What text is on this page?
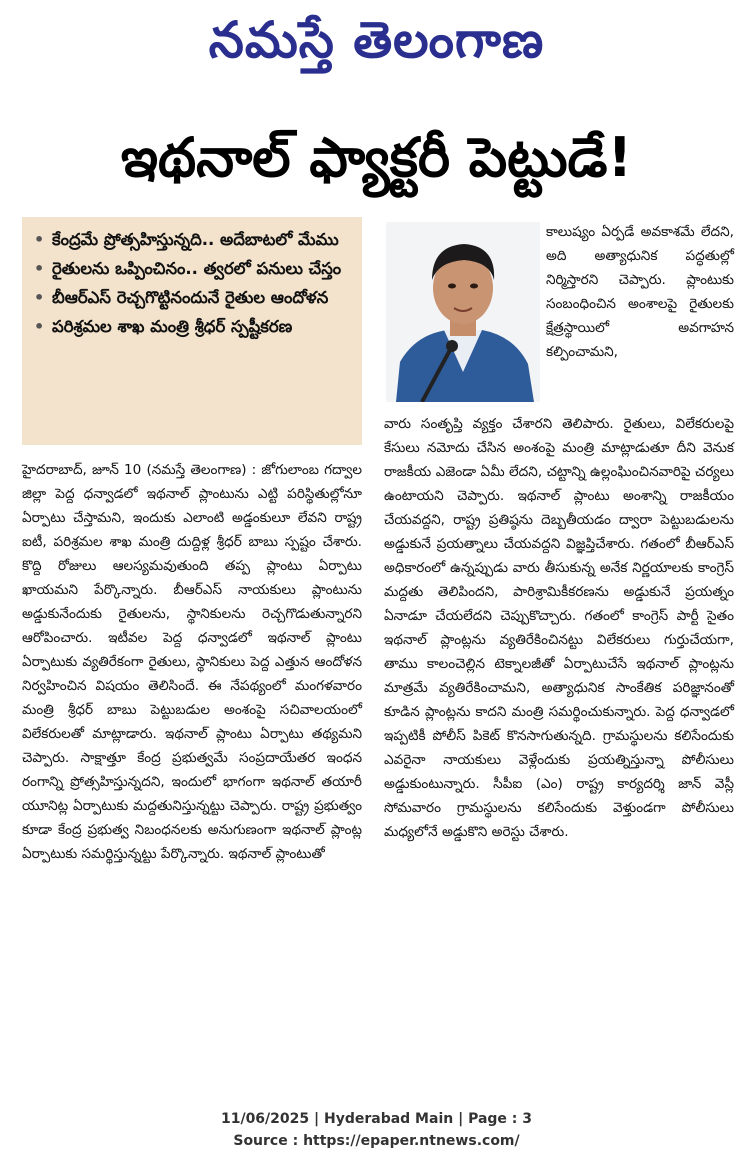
నమస్తే తెలంగాణ
ఇథనాల్ ఫ్యాక్టరీ పెట్టుడే!
• కేంద్రమే ప్రోత్సహిస్తున్నది.. అదేబాటలో మేము
• రైతులను ఒప్పించినం.. త్వరలో పనులు చేస్తం
• బీఆర్ఎస్ రెచ్చగొట్టినందునే రైతుల ఆందోళన
• పరిశ్రమల శాఖ మంత్రి శ్రీధర్ స్పష్టీకరణ
కాలుష్యం ఏర్పడే అవకాశమే లేదని, అది అత్యాధునిక పద్ధతుల్లో నిర్మిస్తారని చెప్పారు. ప్లాంటుకు సంబంధించిన అంశాలపై రైతులకు క్షేత్రస్థాయిలో అవగాహన కల్పించామని,
వారు సంతృప్తి వ్యక్తం చేశారని తెలిపారు. రైతులు, విలేకరులపై కేసులు నమోదు చేసిన అంశంపై మంత్రి మాట్లాడుతూ దీని వెనుక రాజకీయ ఎజెండా ఏమీ లేదని, చట్టాన్ని ఉల్లంఘించినవారిపై చర్యలు ఉంటాయని చెప్పారు. ఇథనాల్ ప్లాంటు అంశాన్ని రాజకీయం చేయవద్దని, రాష్ట్ర ప్రతిష్ఠను దెబ్బతీయడం ద్వారా పెట్టుబడులను అడ్డుకునే ప్రయత్నాలు చేయవద్దని విజ్ఞప్తిచేశారు. గతంలో బీఆర్ఎస్ అధికారంలో ఉన్నప్పుడు వారు తీసుకున్న అనేక నిర్ణయాలకు కాంగ్రెస్ మద్దతు తెలిపిందని, పారిశ్రామికీకరణను అడ్డుకునే ప్రయత్నం ఏనాడూ చేయలేదని చెప్పుకొచ్చారు. గతంలో కాంగ్రెస్ పార్టీ సైతం ఇథనాల్ ప్లాంట్లను వ్యతిరేకించినట్టు విలేకరులు గుర్తుచేయగా, తాము కాలంచెల్లిన టెక్నాలజీతో ఏర్పాటుచేసే ఇథనాల్ ప్లాంట్లను మాత్రమే వ్యతిరేకించామని, అత్యాధునిక సాంకేతిక పరిజ్ఞానంతో కూడిన ప్లాంట్లను కాదని మంత్రి సమర్థించుకున్నారు. పెద్ద ధన్వాడలో ఇప్పటికీ పోలీస్ పికెట్ కొనసాగుతున్నది. గ్రామస్థులను కలిసేందుకు ఎవరైనా నాయకులు వెళ్లేందుకు ప్రయత్నిస్తున్నా పోలీసులు అడ్డుకుంటున్నారు. సీపీఐ (ఎం) రాష్ట్ర కార్యదర్శి జాన్ వెస్లీ సోమవారం గ్రామస్థులను కలిసేందుకు వెళ్తుండగా పోలీసులు మధ్యలోనే అడ్డుకొని అరెస్టు చేశారు.
హైదరాబాద్, జూన్ 10 (నమస్తే తెలంగాణ) : జోగులాంబ గద్వాల జిల్లా పెద్ద ధన్వాడలో ఇథనాల్ ప్లాంటును ఎట్టి పరిస్థితుల్లోనూ ఏర్పాటు చేస్తామని, ఇందుకు ఎలాంటి అడ్డంకులూ లేవని రాష్ట్ర ఐటీ, పరిశ్రమల శాఖ మంత్రి దుద్దిళ్ల శ్రీధర్ బాబు స్పష్టం చేశారు. కొద్ది రోజులు ఆలస్యమవుతుంది తప్ప ప్లాంటు ఏర్పాటు ఖాయమని పేర్కొన్నారు. బీఆర్ఎస్ నాయకులు ప్లాంటును అడ్డుకునేందుకు రైతులను, స్థానికులను రెచ్చగొడుతున్నారని ఆరోపించారు. ఇటీవల పెద్ద ధన్వాడలో ఇథనాల్ ప్లాంటు ఏర్పాటుకు వ్యతిరేకంగా రైతులు, స్థానికులు పెద్ద ఎత్తున ఆందోళన నిర్వహించిన విషయం తెలిసిందే. ఈ నేపథ్యంలో మంగళవారం మంత్రి శ్రీధర్ బాబు పెట్టుబడుల అంశంపై సచివాలయంలో విలేకరులతో మాట్లాడారు. ఇథనాల్ ప్లాంటు ఏర్పాటు తథ్యమని చెప్పారు. సాక్షాత్తూ కేంద్ర ప్రభుత్వమే సంప్రదాయేతర ఇంధన రంగాన్ని ప్రోత్సహిస్తున్నదని, ఇందులో భాగంగా ఇథనాల్ తయారీ యూనిట్ల ఏర్పాటుకు మద్దతునిస్తున్నట్టు చెప్పారు. రాష్ట్ర ప్రభుత్వం కూడా కేంద్ర ప్రభుత్వ నిబంధనలకు అనుగుణంగా ఇథనాల్ ప్లాంట్ల ఏర్పాటుకు సమర్థిస్తున్నట్టు పేర్కొన్నారు. ఇథనాల్ ప్లాంటుతో
11/06/2025 | Hyderabad Main | Page : 3
Source : https://epaper.ntnews.com/
